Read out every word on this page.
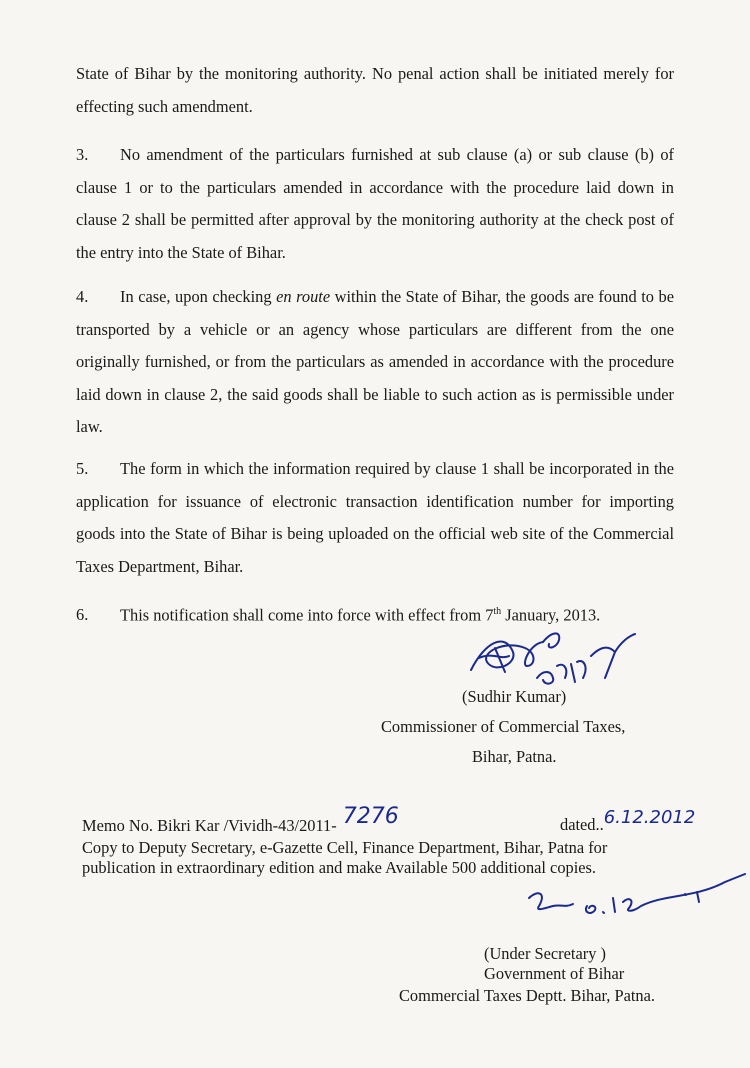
State of Bihar by the monitoring authority. No penal action shall be initiated merely for effecting such amendment.
3. No amendment of the particulars furnished at sub clause (a) or sub clause (b) of clause 1 or to the particulars amended in accordance with the procedure laid down in clause 2 shall be permitted after approval by the monitoring authority at the check post of the entry into the State of Bihar.
4. In case, upon checking en route within the State of Bihar, the goods are found to be transported by a vehicle or an agency whose particulars are different from the one originally furnished, or from the particulars as amended in accordance with the procedure laid down in clause 2, the said goods shall be liable to such action as is permissible under law.
5. The form in which the information required by clause 1 shall be incorporated in the application for issuance of electronic transaction identification number for importing goods into the State of Bihar is being uploaded on the official web site of the Commercial Taxes Department, Bihar.
6. This notification shall come into force with effect from 7th January, 2013.
(Sudhir Kumar)
Commissioner of Commercial Taxes,
Bihar, Patna.
Memo No. Bikri Kar /Vividh-43/2011- 7276	dated..6.12.2012
Copy to Deputy Secretary, e-Gazette Cell, Finance Department, Bihar, Patna for
publication in extraordinary edition and make Available 500 additional copies.
(Under Secretary )
Government of Bihar
Commercial Taxes Deptt. Bihar, Patna.
